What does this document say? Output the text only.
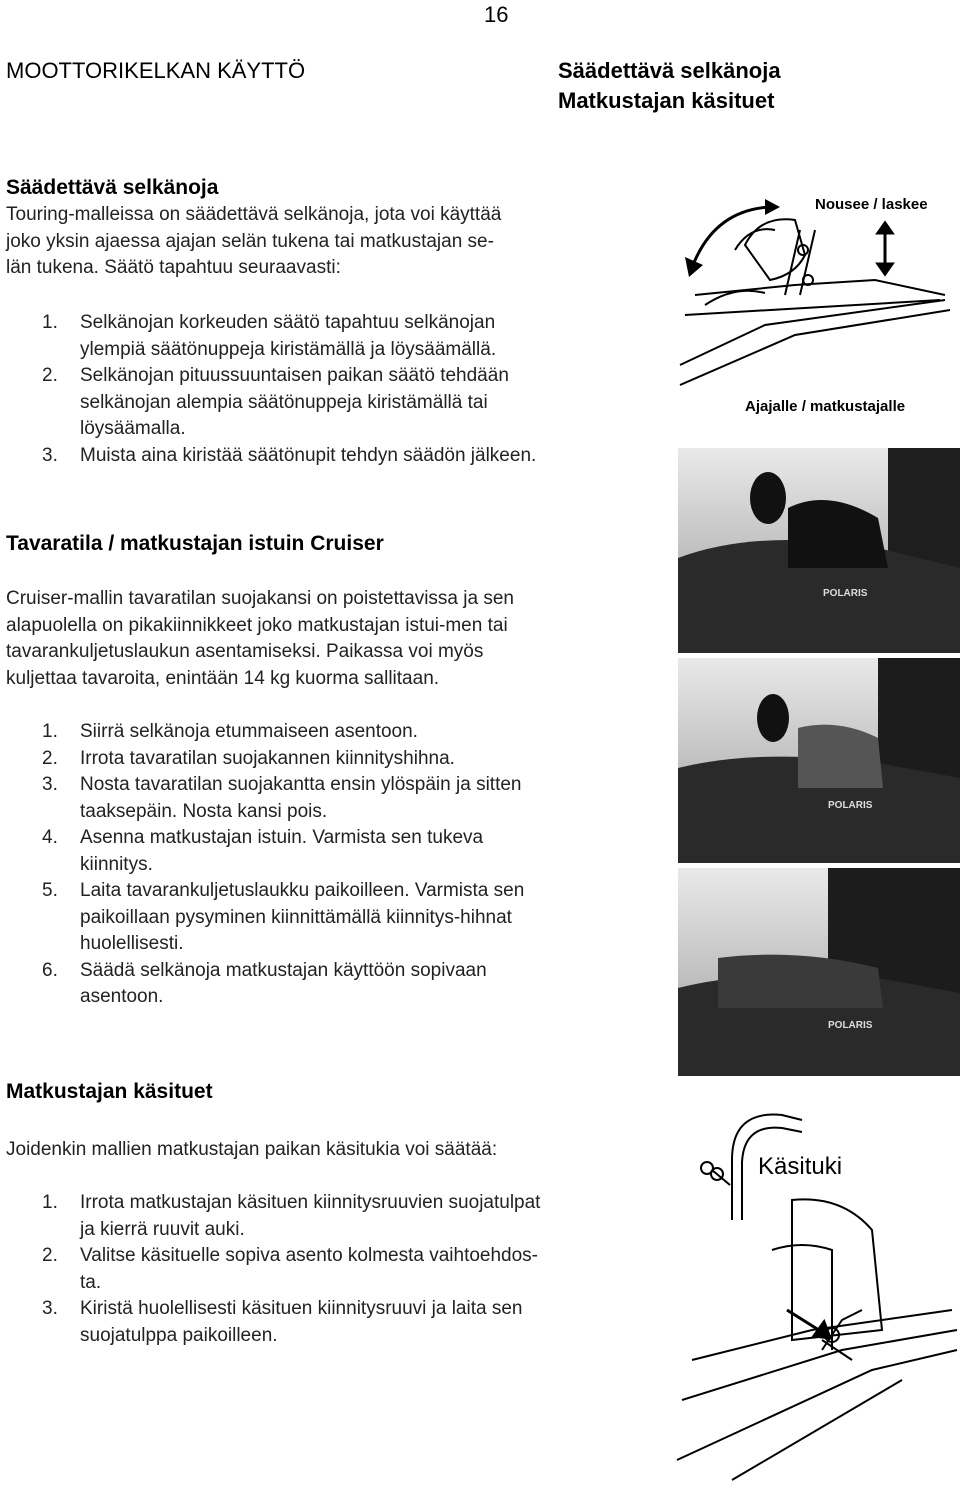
16
MOOTTORIKELKAN KÄYTTÖ	Säädettävä selkänoja
Matkustajan käsituet
Säädettävä selkänoja
Touring-malleissa on säädettävä selkänoja, jota voi käyttää
joko yksin ajaessa ajajan selän tukena tai matkustajan se-
län tukena. Säätö tapahtuu seuraavasti:
1. Selkänojan korkeuden säätö tapahtuu selkänojan
ylempiä säätönuppeja kiristämällä ja löysäämällä.
2. Selkänojan pituussuuntaisen paikan säätö tehdään
selkänojan alempia säätönuppeja kiristämällä tai
löysäämalla.
3. Muista aina kiristää säätönupit tehdyn säädön jälkeen.
Nousee / laskee
Ajajalle / matkustajalle
Tavaratila / matkustajan istuin Cruiser
Cruiser-mallin tavaratilan suojakansi on poistettavissa ja sen
alapuolella on pikakiinnikkeet joko matkustajan istui-men tai
tavarankuljetuslaukun asentamiseksi. Paikassa voi myös
kuljettaa tavaroita, enintään 14 kg kuorma sallitaan.
1. Siirrä selkänoja etummaiseen asentoon.
2. Irrota tavaratilan suojakannen kiinnityshihna.
3. Nosta tavaratilan suojakantta ensin ylöspäin ja sitten
taaksepäin. Nosta kansi pois.
4. Asenna matkustajan istuin. Varmista sen tukeva
kiinnitys.
5. Laita tavarankuljetuslaukku paikoilleen. Varmista sen
paikoillaan pysyminen kiinnittämällä kiinnitys-hihnat
huolellisesti.
6. Säädä selkänoja matkustajan käyttöön sopivaan
asentoon.
POLARIS
POLARIS
POLARIS
Matkustajan käsituet
Joidenkin mallien matkustajan paikan käsitukia voi säätää:
1. Irrota matkustajan käsituen kiinnitysruuvien suojatulpat
ja kierrä ruuvit auki.
2. Valitse käsituelle sopiva asento kolmesta vaihtoehdos-
ta.
3. Kiristä huolellisesti käsituen kiinnitysruuvi ja laita sen
suojatulppa paikoilleen.
Käsituki
